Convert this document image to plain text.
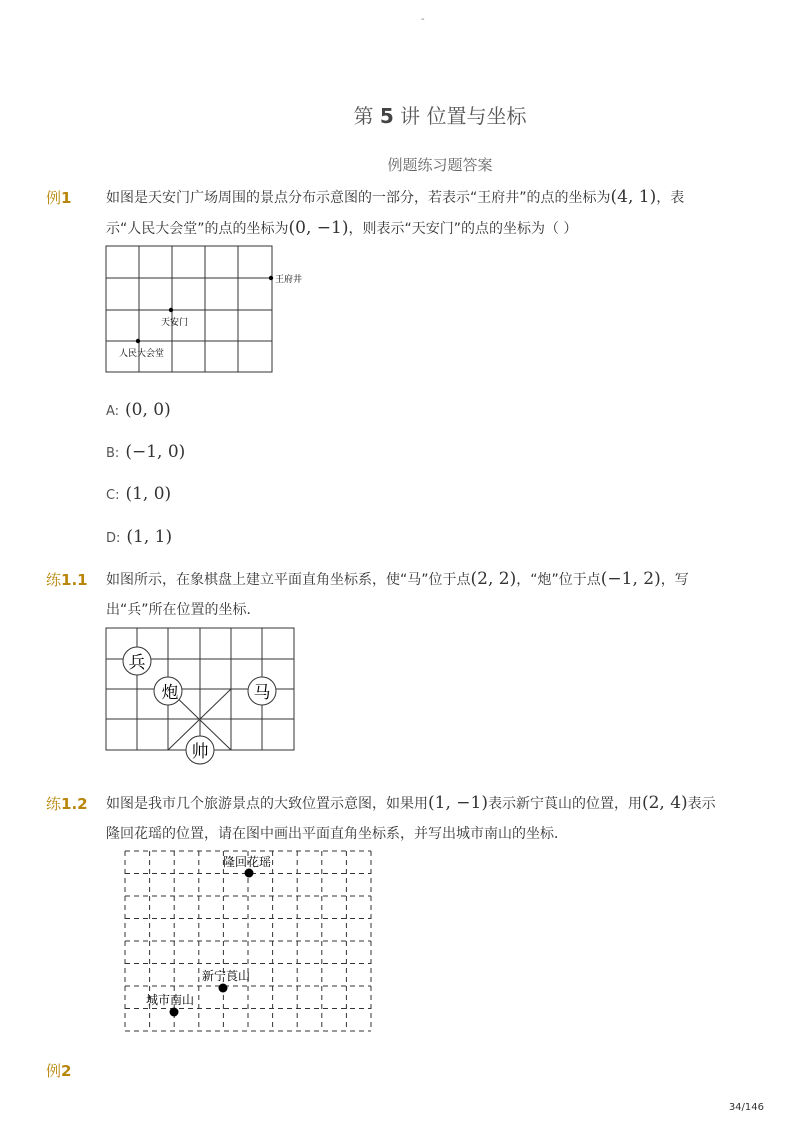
-
第 5 讲 位置与坐标
例题练习题答案
例1 如图是天安门广场周围的景点分布示意图的一部分，若表示“王府井”的点的坐标为(4, 1)，表
示“人民大会堂”的点的坐标为(0, −1)，则表示“天安门”的点的坐标为（ ）
王府井
天安门
人民大会堂
A: (0, 0)
B: (−1, 0)
C: (1, 0)
D: (1, 1)
练1.1 如图所示，在象棋盘上建立平面直角坐标系，使“马”位于点(2, 2)，“炮”位于点(−1, 2)，写
出“兵”所在位置的坐标．
兵
炮	马
帅
练1.2 如图是我市几个旅游景点的大致位置示意图，如果用(1, −1)表示新宁莨山的位置，用(2, 4)表示
隆回花瑶的位置，请在图中画出平面直角坐标系，并写出城市南山的坐标．
隆回花瑶
新宁莨山
城市南山
例2
34/146
